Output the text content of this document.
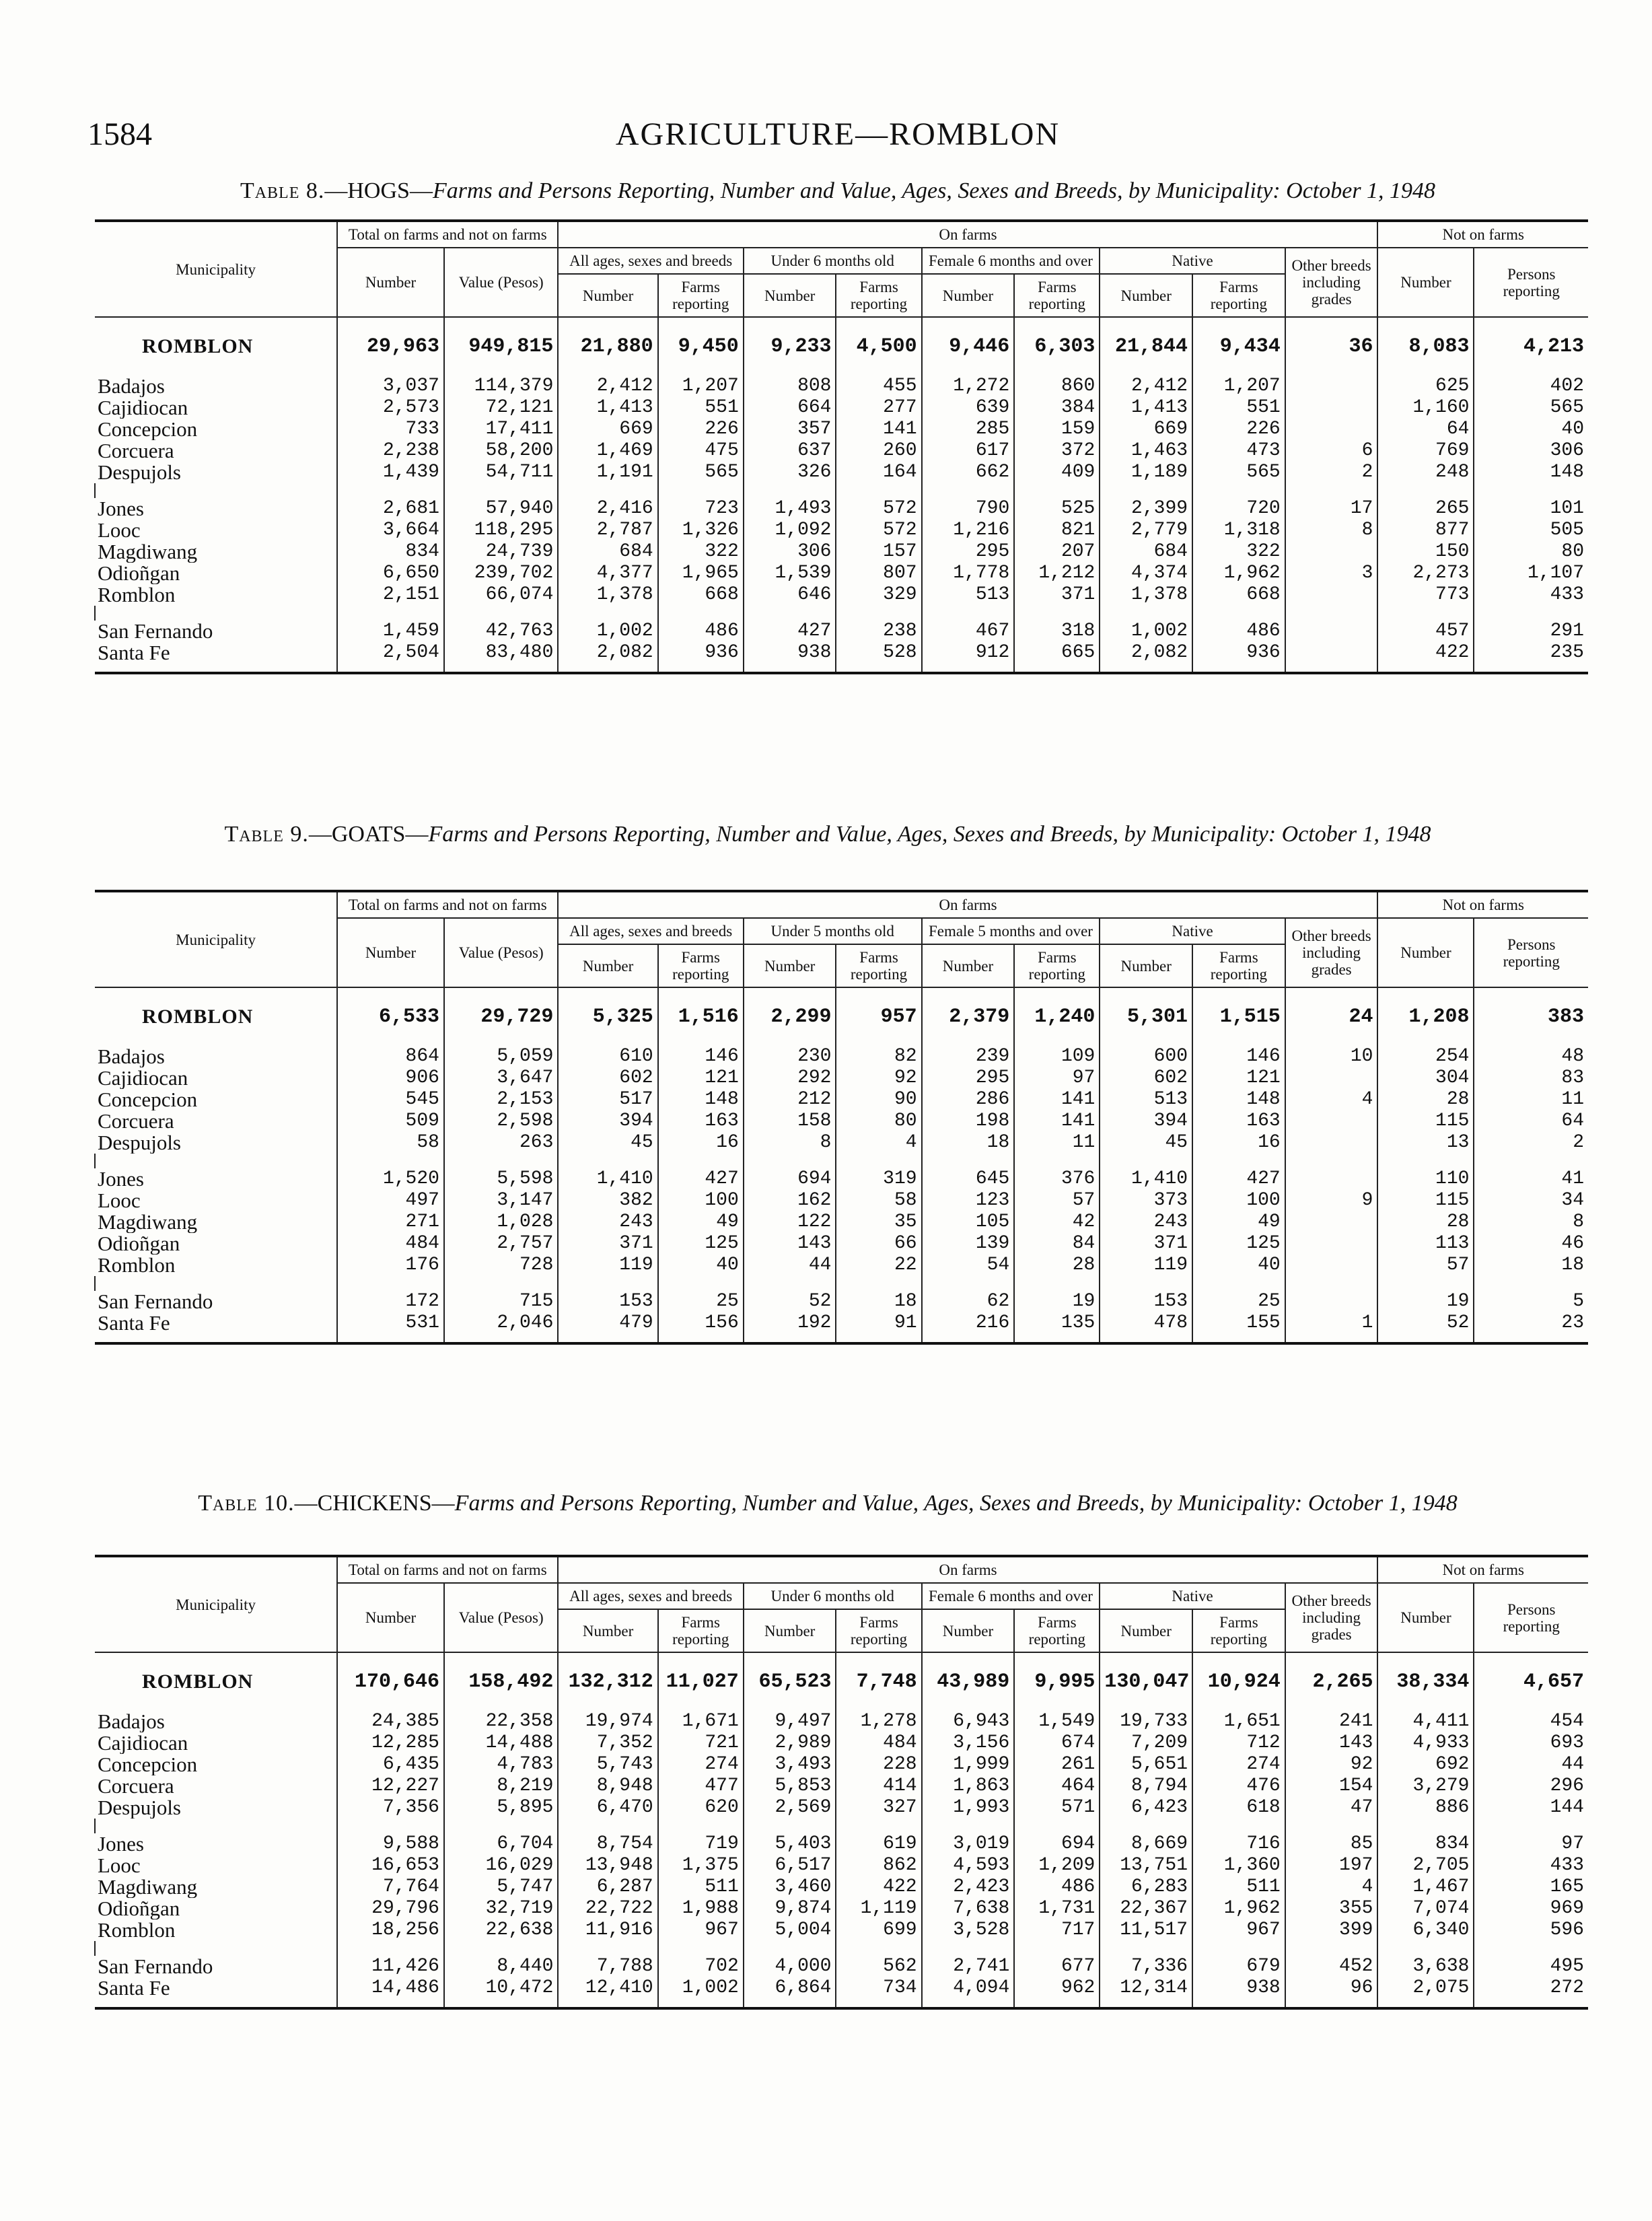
1584	AGRICULTURE—ROMBLON
Table 8.—HOGS—Farms and Persons Reporting, Number and Value, Ages, Sexes and Breeds, by Municipality: October 1, 1948
Municipality	Total on farms and not on farms		On farms									Not on farms	
	Number	Value (Pesos)	All ages, sexes and breeds		Under 6 months old		Female 6 months and over		Native		Other breeds including grades	Number	Persons reporting
			Number	Farms reporting	Number	Farms reporting	Number	Farms reporting	Number	Farms reporting			
ROMBLON	29,963	949,815	21,880	9,450	9,233	4,500	9,446	6,303	21,844	9,434	36	8,083	4,213
Badajos	3,037	114,379	2,412	1,207	808	455	1,272	860	2,412	1,207		625	402
Cajidiocan	2,573	72,121	1,413	551	664	277	639	384	1,413	551		1,160	565
Concepcion	733	17,411	669	226	357	141	285	159	669	226		64	40
Corcuera	2,238	58,200	1,469	475	637	260	617	372	1,463	473	6	769	306
Despujols	1,439	54,711	1,191	565	326	164	662	409	1,189	565	2	248	148

Jones	2,681	57,940	2,416	723	1,493	572	790	525	2,399	720	17	265	101
Looc	3,664	118,295	2,787	1,326	1,092	572	1,216	821	2,779	1,318	8	877	505
Magdiwang	834	24,739	684	322	306	157	295	207	684	322		150	80
Odioñgan	6,650	239,702	4,377	1,965	1,539	807	1,778	1,212	4,374	1,962	3	2,273	1,107
Romblon	2,151	66,074	1,378	668	646	329	513	371	1,378	668		773	433

San Fernando	1,459	42,763	1,002	486	427	238	467	318	1,002	486		457	291
Santa Fe	2,504	83,480	2,082	936	938	528	912	665	2,082	936		422	235
Table 9.—GOATS—Farms and Persons Reporting, Number and Value, Ages, Sexes and Breeds, by Municipality: October 1, 1948
Municipality	Total on farms and not on farms		On farms									Not on farms	
	Number	Value (Pesos)	All ages, sexes and breeds		Under 5 months old		Female 5 months and over		Native		Other breeds including grades	Number	Persons reporting
			Number	Farms reporting	Number	Farms reporting	Number	Farms reporting	Number	Farms reporting			
ROMBLON	6,533	29,729	5,325	1,516	2,299	957	2,379	1,240	5,301	1,515	24	1,208	383
Badajos	864	5,059	610	146	230	82	239	109	600	146	10	254	48
Cajidiocan	906	3,647	602	121	292	92	295	97	602	121		304	83
Concepcion	545	2,153	517	148	212	90	286	141	513	148	4	28	11
Corcuera	509	2,598	394	163	158	80	198	141	394	163		115	64
Despujols	58	263	45	16	8	4	18	11	45	16		13	2

Jones	1,520	5,598	1,410	427	694	319	645	376	1,410	427		110	41
Looc	497	3,147	382	100	162	58	123	57	373	100	9	115	34
Magdiwang	271	1,028	243	49	122	35	105	42	243	49		28	8
Odioñgan	484	2,757	371	125	143	66	139	84	371	125		113	46
Romblon	176	728	119	40	44	22	54	28	119	40		57	18

San Fernando	172	715	153	25	52	18	62	19	153	25		19	5
Santa Fe	531	2,046	479	156	192	91	216	135	478	155	1	52	23
Table 10.—CHICKENS—Farms and Persons Reporting, Number and Value, Ages, Sexes and Breeds, by Municipality: October 1, 1948
Municipality	Total on farms and not on farms		On farms									Not on farms	
	Number	Value (Pesos)	All ages, sexes and breeds		Under 6 months old		Female 6 months and over		Native		Other breeds including grades	Number	Persons reporting
			Number	Farms reporting	Number	Farms reporting	Number	Farms reporting	Number	Farms reporting			
ROMBLON	170,646	158,492	132,312	11,027	65,523	7,748	43,989	9,995	130,047	10,924	2,265	38,334	4,657
Badajos	24,385	22,358	19,974	1,671	9,497	1,278	6,943	1,549	19,733	1,651	241	4,411	454
Cajidiocan	12,285	14,488	7,352	721	2,989	484	3,156	674	7,209	712	143	4,933	693
Concepcion	6,435	4,783	5,743	274	3,493	228	1,999	261	5,651	274	92	692	44
Corcuera	12,227	8,219	8,948	477	5,853	414	1,863	464	8,794	476	154	3,279	296
Despujols	7,356	5,895	6,470	620	2,569	327	1,993	571	6,423	618	47	886	144

Jones	9,588	6,704	8,754	719	5,403	619	3,019	694	8,669	716	85	834	97
Looc	16,653	16,029	13,948	1,375	6,517	862	4,593	1,209	13,751	1,360	197	2,705	433
Magdiwang	7,764	5,747	6,287	511	3,460	422	2,423	486	6,283	511	4	1,467	165
Odioñgan	29,796	32,719	22,722	1,988	9,874	1,119	7,638	1,731	22,367	1,962	355	7,074	969
Romblon	18,256	22,638	11,916	967	5,004	699	3,528	717	11,517	967	399	6,340	596

San Fernando	11,426	8,440	7,788	702	4,000	562	2,741	677	7,336	679	452	3,638	495
Santa Fe	14,486	10,472	12,410	1,002	6,864	734	4,094	962	12,314	938	96	2,075	272
